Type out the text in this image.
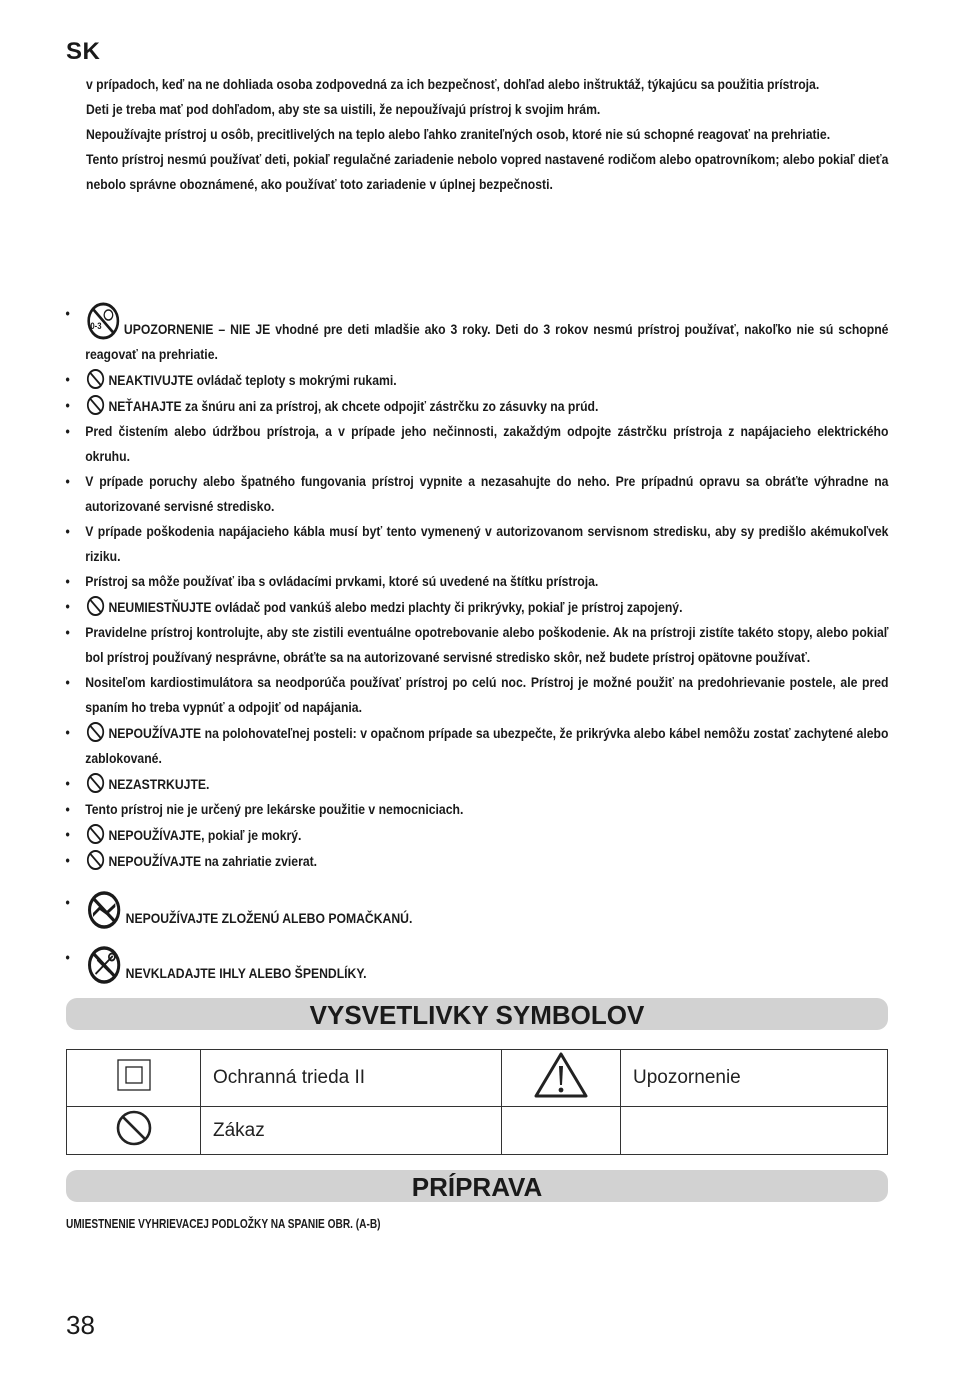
SK

v prípadoch, keď na ne dohliada osoba zodpovedná za ich bezpečnosť, dohľad alebo inštruktáž, týkajúcu sa použitia prístroja.

Deti je treba mať pod dohľadom, aby ste sa uistili, že nepoužívajú prístroj k svojim hrám.

Nepoužívajte prístroj u osôb, precitlivelých na teplo alebo ľahko zraniteľných osob, ktoré nie sú schopné reagovať na prehriatie.

Tento prístroj nesmú používať deti, pokiaľ regulačné zariadenie nebolo vopred nastavené rodičom alebo opatrovníkom; alebo pokiaľ dieťa nebolo správne oboznámené, ako používať toto zariadenie v úplnej bezpečnosti.

•
0-3 UPOZORNENIE – NIE JE vhodné pre deti mladšie ako 3 roky. Deti do 3 rokov nesmú prístroj používať, nakoľko nie sú schopné reagovať na prehriatie.
•	NEAKTIVUJTE ovládač teploty s mokrými rukami.
•	NEŤAHAJTE za šnúru ani za prístroj, ak chcete odpojiť zástrčku zo zásuvky na prúd.
• Pred čistením alebo údržbou prístroja, a v prípade jeho nečinnosti, zakaždým odpojte zástrčku prístroja z napájacieho elektrického okruhu.
• V prípade poruchy alebo špatného fungovania prístroj vypnite a nezasahujte do neho. Pre prípadnú opravu sa obráťte výhradne na autorizované servisné stredisko.
• V prípade poškodenia napájacieho kábla musí byť tento vymenený v autorizovanom servisnom stredisku, aby sy predišlo akémukoľvek riziku.
• Prístroj sa môže používať iba s ovládacími prvkami, ktoré sú uvedené na štítku prístroja.
•	NEUMIESTŇUJTE ovládač pod vankúš alebo medzi plachty či prikrývky, pokiaľ je prístroj zapojený.
• Pravidelne prístroj kontrolujte, aby ste zistili eventuálne opotrebovanie alebo poškodenie. Ak na prístroji zistíte takéto stopy, alebo pokiaľ bol prístroj používaný nesprávne, obráťte sa na autorizované servisné stredisko skôr, než budete prístroj opätovne používať.
• Nositeľom kardiostimulátora sa neodporúča používať prístroj po celú noc. Prístroj je možné použiť na predohrievanie postele, ale pred spaním ho treba vypnúť a odpojiť od napájania.
•	NEPOUŽÍVAJTE na polohovateľnej posteli: v opačnom prípade sa ubezpečte, že prikrývka alebo kábel nemôžu zostať zachytené alebo zablokované.
•	NEZASTRKUJTE.
• Tento prístroj nie je určený pre lekárske použitie v nemocniciach.
•	NEPOUŽÍVAJTE, pokiaľ je mokrý.
•	NEPOUŽÍVAJTE na zahriatie zvierat.
•
NEPOUŽÍVAJTE ZLOŽENÚ ALEBO POMAČKANÚ.
•
NEVKLADAJTE IHLY ALEBO ŠPENDLÍKY.
VYSVETLIVKY SYMBOLOV
	Ochranná trieda II		Upozornenie

	Zákaz		
PRÍPRAVA
UMIESTNENIE VYHRIEVACEJ PODLOŽKY NA SPANIE OBR. (A-B)
38
